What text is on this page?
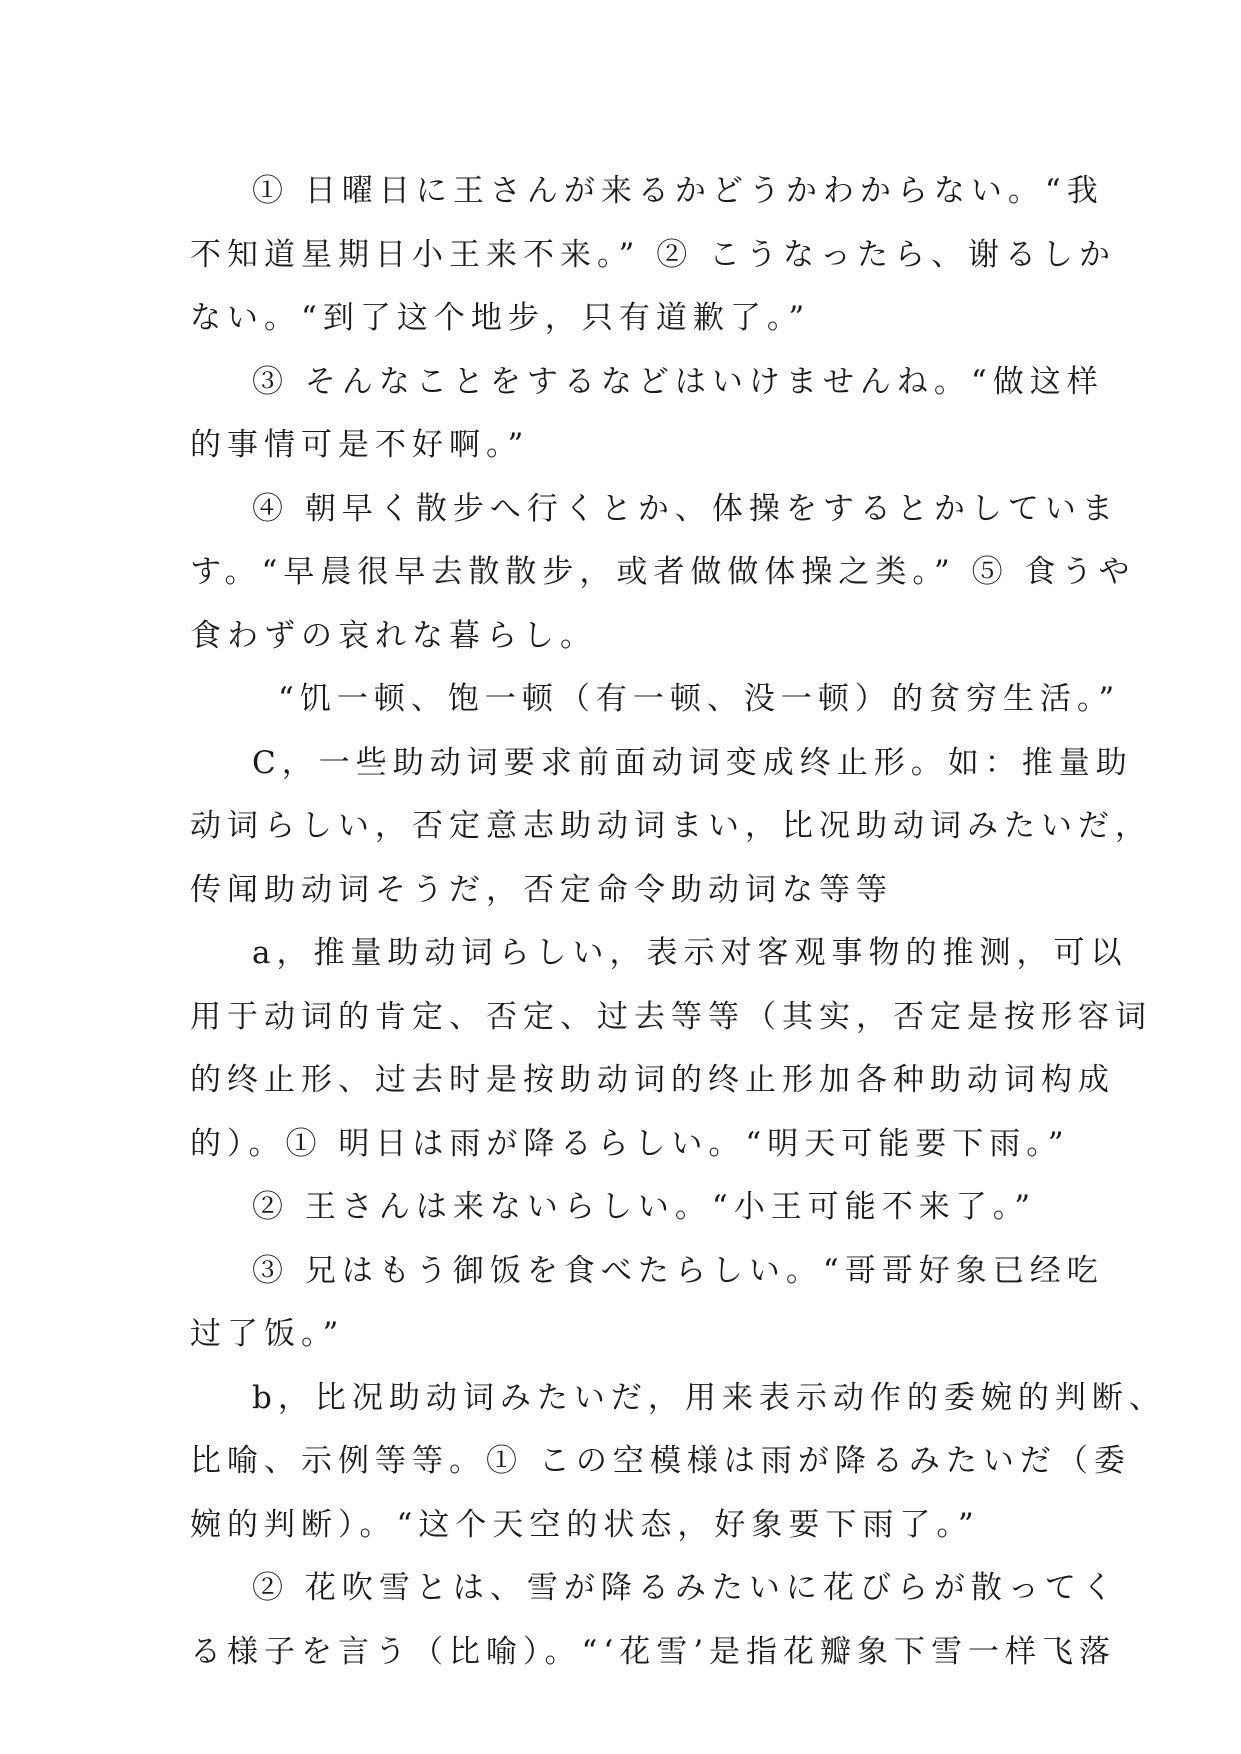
① 日曜日に王さんが来るかどうかわからない。“我
不知道星期日小王来不来。” ② こうなったら、谢るしか
ない。“到了这个地步，只有道歉了。”
③ そんなことをするなどはいけませんね。“做这样
的事情可是不好啊。”
④ 朝早く散步へ行くとか、体操をするとかしていま
す。“早晨很早去散散步，或者做做体操之类。” ⑤ 食うや
食わずの哀れな暮らし。
“饥一顿、饱一顿（有一顿、没一顿）的贫穷生活。”
C，一些助动词要求前面动词变成终止形。如：推量助
动词らしい，否定意志助动词まい，比况助动词みたいだ，
传闻助动词そうだ，否定命令助动词な等等
a，推量助动词らしい，表示对客观事物的推测，可以
用于动词的肯定、否定、过去等等（其实，否定是按形容词
的终止形、过去时是按助动词的终止形加各种助动词构成
的）。① 明日は雨が降るらしい。“明天可能要下雨。”
② 王さんは来ないらしい。“小王可能不来了。”
③ 兄はもう御饭を食べたらしい。“哥哥好象已经吃
过了饭。”
b，比况助动词みたいだ，用来表示动作的委婉的判断、
比喻、示例等等。① この空模様は雨が降るみたいだ（委
婉的判断）。“这个天空的状态，好象要下雨了。”
② 花吹雪とは、雪が降るみたいに花びらが散ってく
る様子を言う（比喻）。“‘花雪’是指花瓣象下雪一样飞落
